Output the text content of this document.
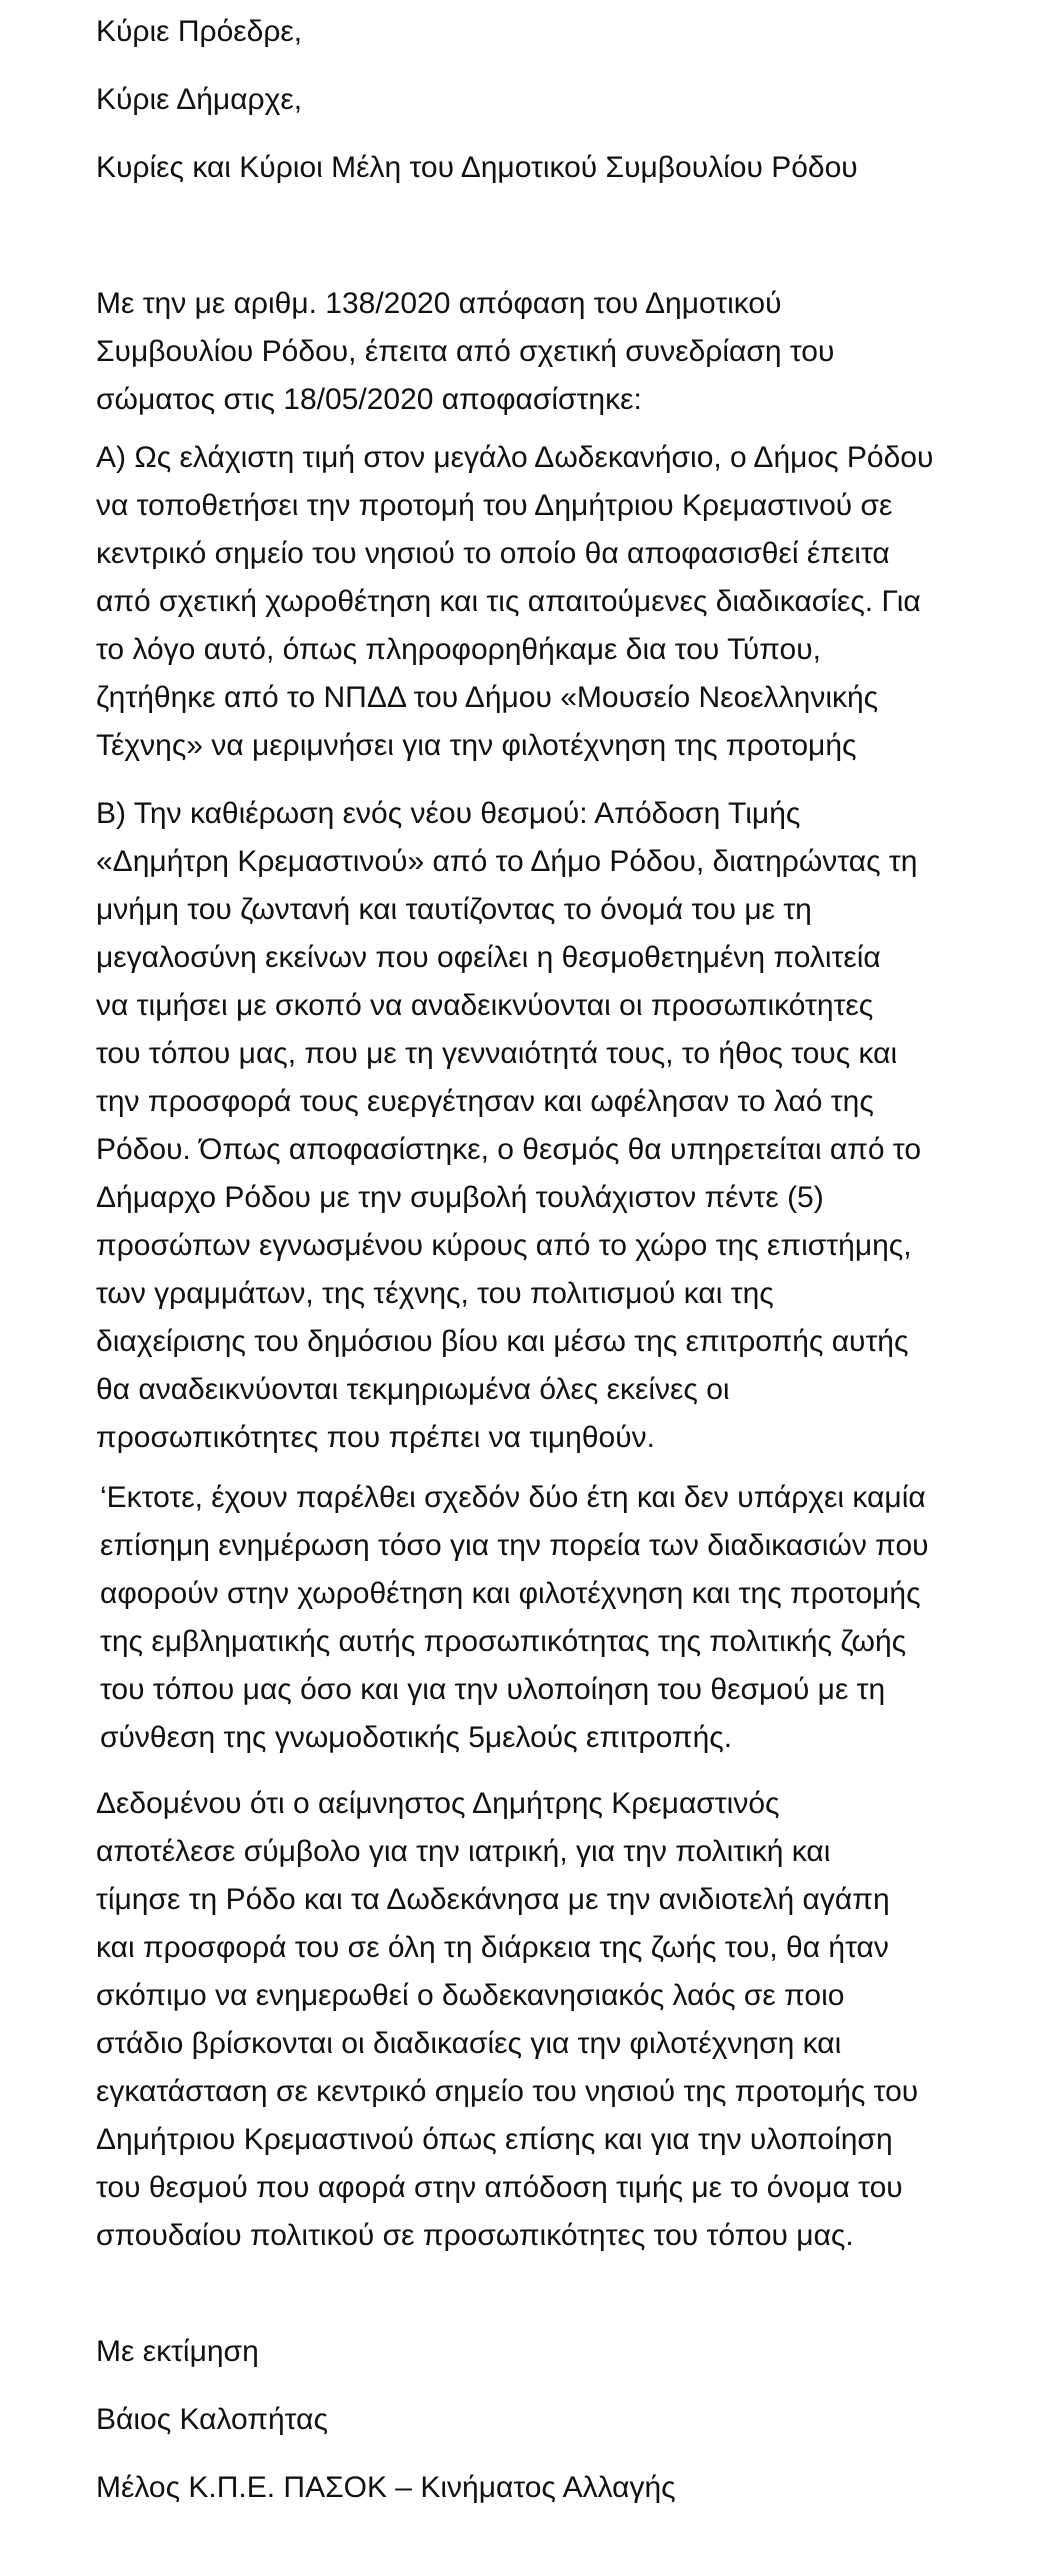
Κύριε Πρόεδρε,

Κύριε Δήμαρχε,

Κυρίες και Κύριοι Μέλη του Δημοτικού Συμβουλίου Ρόδου

Με την με αριθμ. 138/2020 απόφαση του Δημοτικού
Συμβουλίου Ρόδου, έπειτα από σχετική συνεδρίαση του
σώματος στις 18/05/2020 αποφασίστηκε:
Α) Ως ελάχιστη τιμή στον μεγάλο Δωδεκανήσιο, ο Δήμος Ρόδου
να τοποθετήσει την προτομή του Δημήτριου Κρεμαστινού σε
κεντρικό σημείο του νησιού το οποίο θα αποφασισθεί έπειτα
από σχετική χωροθέτηση και τις απαιτούμενες διαδικασίες. Για
το λόγο αυτό, όπως πληροφορηθήκαμε δια του Τύπου,
ζητήθηκε από το ΝΠΔΔ του Δήμου «Μουσείο Νεοελληνικής
Τέχνης» να μεριμνήσει για την φιλοτέχνηση της προτομής
Β) Την καθιέρωση ενός νέου θεσμού: Απόδοση Τιμής
«Δημήτρη Κρεμαστινού» από το Δήμο Ρόδου, διατηρώντας τη
μνήμη του ζωντανή και ταυτίζοντας το όνομά του με τη
μεγαλοσύνη εκείνων που οφείλει η θεσμοθετημένη πολιτεία
να τιμήσει με σκοπό να αναδεικνύονται οι προσωπικότητες
του τόπου μας, που με τη γενναιότητά τους, το ήθος τους και
την προσφορά τους ευεργέτησαν και ωφέλησαν το λαό της
Ρόδου. Όπως αποφασίστηκε, ο θεσμός θα υπηρετείται από το
Δήμαρχο Ρόδου με την συμβολή τουλάχιστον πέντε (5)
προσώπων εγνωσμένου κύρους από το χώρο της επιστήμης,
των γραμμάτων, της τέχνης, του πολιτισμού και της
διαχείρισης του δημόσιου βίου και μέσω της επιτροπής αυτής
θα αναδεικνύονται τεκμηριωμένα όλες εκείνες οι
προσωπικότητες που πρέπει να τιμηθούν.
‘Εκτοτε, έχουν παρέλθει σχεδόν δύο έτη και δεν υπάρχει καμία
επίσημη ενημέρωση τόσο για την πορεία των διαδικασιών που
αφορούν στην χωροθέτηση και φιλοτέχνηση και της προτομής
της εμβληματικής αυτής προσωπικότητας της πολιτικής ζωής
του τόπου μας όσο και για την υλοποίηση του θεσμού με τη
σύνθεση της γνωμοδοτικής 5μελούς επιτροπής.
Δεδομένου ότι ο αείμνηστος Δημήτρης Κρεμαστινός
αποτέλεσε σύμβολο για την ιατρική, για την πολιτική και
τίμησε τη Ρόδο και τα Δωδεκάνησα με την ανιδιοτελή αγάπη
και προσφορά του σε όλη τη διάρκεια της ζωής του, θα ήταν
σκόπιμο να ενημερωθεί ο δωδεκανησιακός λαός σε ποιο
στάδιο βρίσκονται οι διαδικασίες για την φιλοτέχνηση και
εγκατάσταση σε κεντρικό σημείο του νησιού της προτομής του
Δημήτριου Κρεμαστινού όπως επίσης και για την υλοποίηση
του θεσμού που αφορά στην απόδοση τιμής με το όνομα του
σπουδαίου πολιτικού σε προσωπικότητες του τόπου μας.

Με εκτίμηση

Βάιος Καλοπήτας

Μέλος Κ.Π.Ε. ΠΑΣΟΚ – Κινήματος Αλλαγής
